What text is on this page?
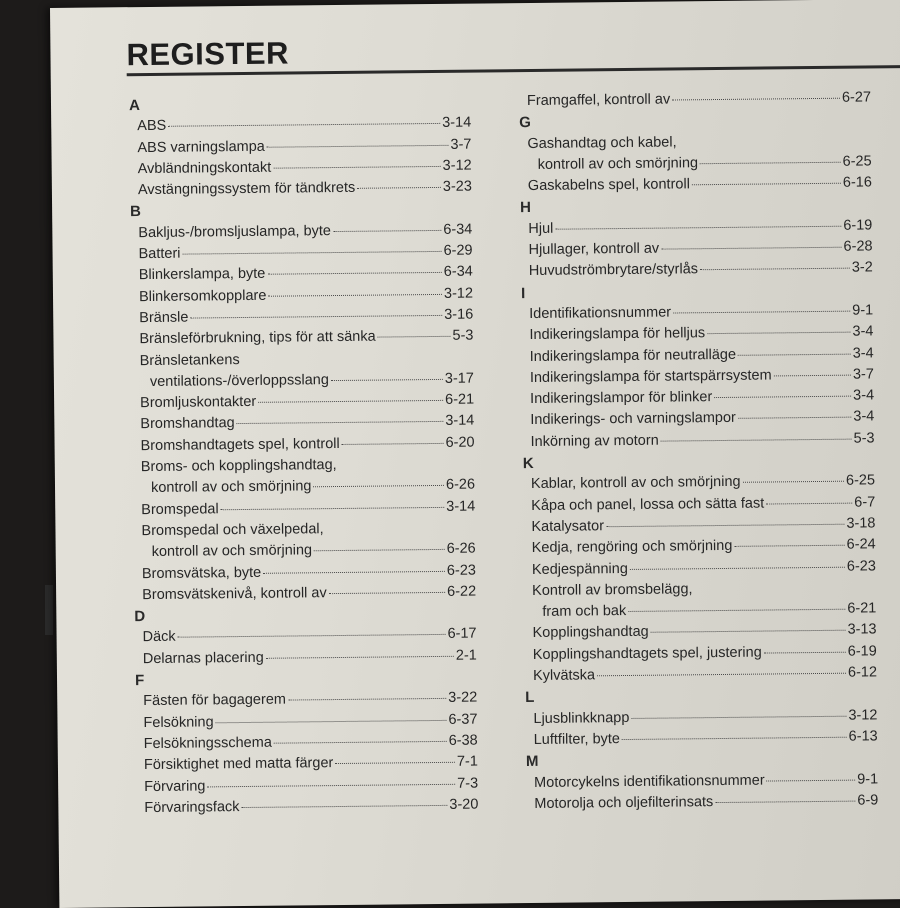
REGISTER
A
ABS	3-14
ABS varningslampa	3-7
Avbländningskontakt	3-12
Avstängningssystem för tändkrets	3-23
B
Bakljus-/bromsljuslampa, byte	6-34
Batteri	6-29
Blinkerslampa, byte	6-34
Blinkersomkopplare	3-12
Bränsle	3-16
Bränsleförbrukning, tips för att sänka	5-3
Bränsletankens
ventilations-/överloppsslang	3-17
Bromljuskontakter	6-21
Bromshandtag	3-14
Bromshandtagets spel, kontroll	6-20
Broms- och kopplingshandtag,
kontroll av och smörjning	6-26
Bromspedal	3-14
Bromspedal och växelpedal,
kontroll av och smörjning	6-26
Bromsvätska, byte	6-23
Bromsvätskenivå, kontroll av	6-22
D
Däck	6-17
Delarnas placering	2-1
F
Fästen för bagagerem	3-22
Felsökning	6-37
Felsökningsschema	6-38
Försiktighet med matta färger	7-1
Förvaring	7-3
Förvaringsfack	3-20
Framgaffel, kontroll av	6-27
G
Gashandtag och kabel,
kontroll av och smörjning	6-25
Gaskabelns spel, kontroll	6-16
H
Hjul	6-19
Hjullager, kontroll av	6-28
Huvudströmbrytare/styrlås	3-2
I
Identifikationsnummer	9-1
Indikeringslampa för helljus	3-4
Indikeringslampa för neutralläge	3-4
Indikeringslampa för startspärrsystem	3-7
Indikeringslampor för blinker	3-4
Indikerings- och varningslampor	3-4
Inkörning av motorn	5-3
K
Kablar, kontroll av och smörjning	6-25
Kåpa och panel, lossa och sätta fast	6-7
Katalysator	3-18
Kedja, rengöring och smörjning	6-24
Kedjespänning	6-23
Kontroll av bromsbelägg,
fram och bak	6-21
Kopplingshandtag	3-13
Kopplingshandtagets spel, justering	6-19
Kylvätska	6-12
L
Ljusblinkknapp	3-12
Luftfilter, byte	6-13
M
Motorcykelns identifikationsnummer	9-1
Motorolja och oljefilterinsats	6-9
